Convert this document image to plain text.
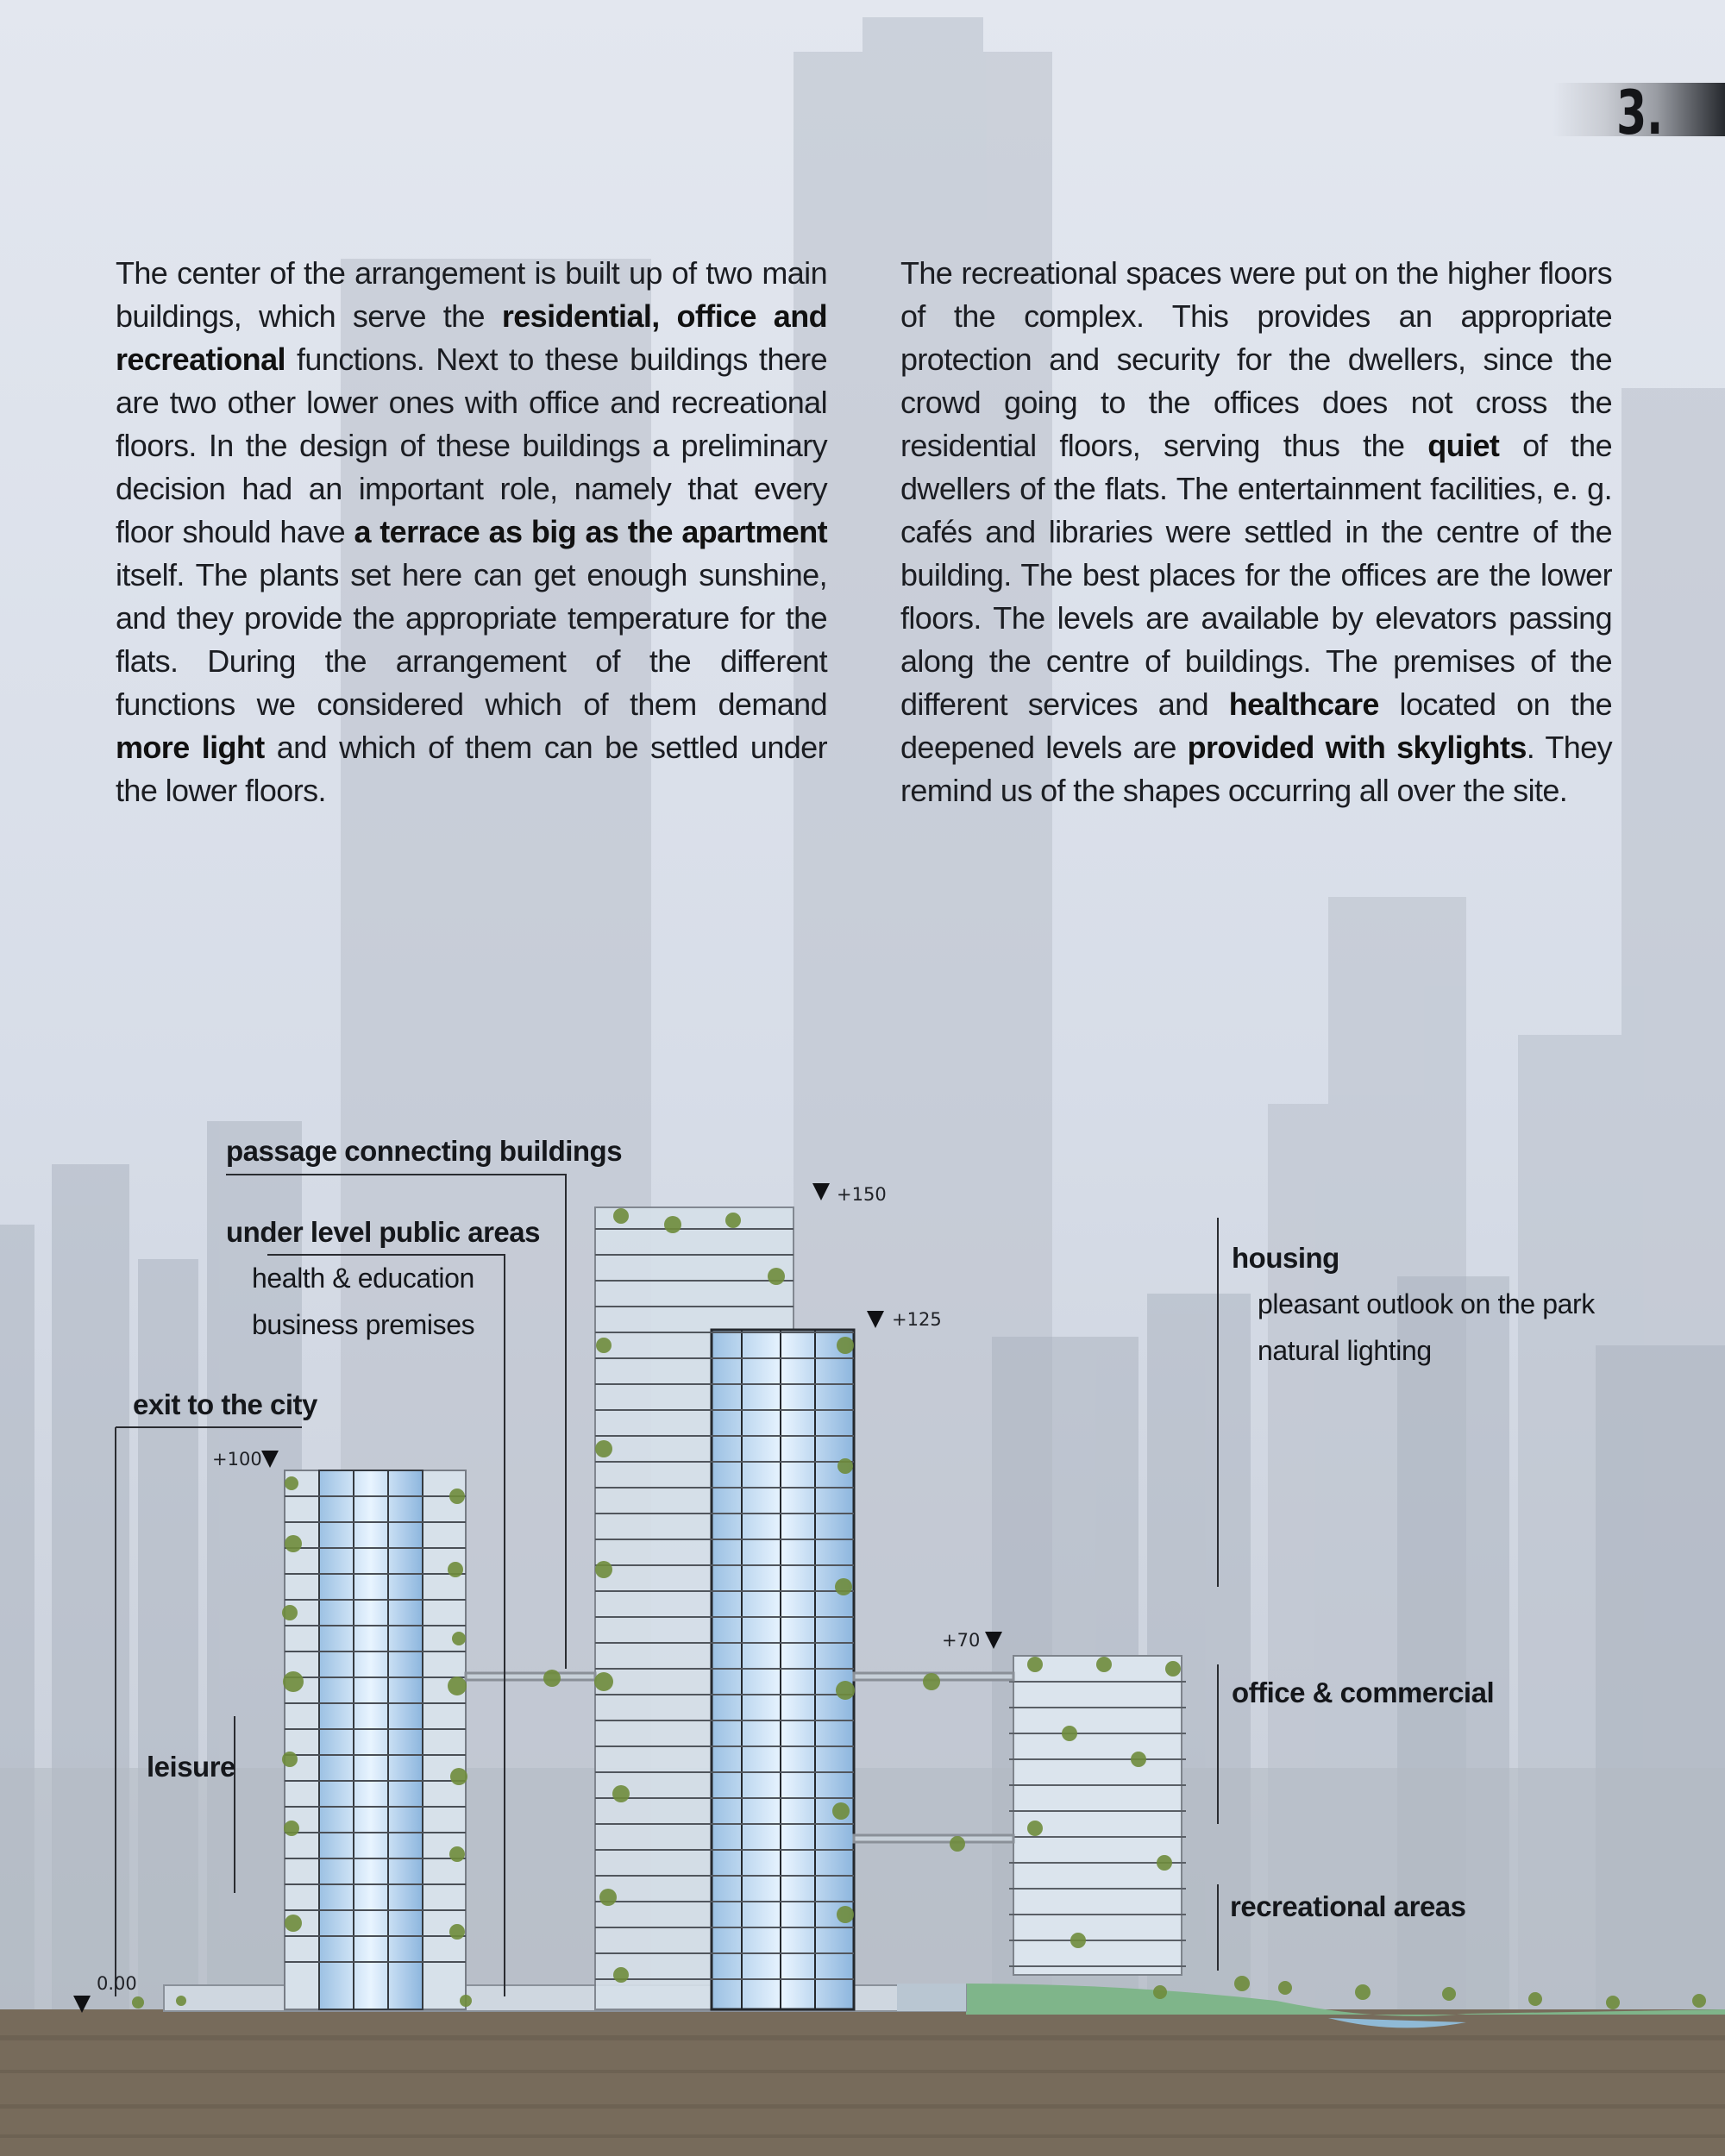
3.
The center of the arrangement is built up of two main buildings, which serve the residential, office and recreational functions. Next to these buildings there are two other lower ones with office and recreational floors. In the design of these buildings a preliminary decision had an important role, namely that every floor should have a terrace as big as the apartment itself. The plants set here can get enough sunshine, and they provide the appropriate temperature for the flats. During the arrangement of the different functions we considered which of them demand more light and which of them can be settled under the lower floors.
The recreational spaces were put on the higher floors of the complex. This provides an appropriate protection and security for the dwellers, since the crowd going to the offices does not cross the residential floors, serving thus the quiet of the dwellers of the flats. The entertainment facilities, e. g. cafés and libraries were settled in the centre of the building. The best places for the offices are the lower floors. The levels are available by elevators passing along the centre of buildings. The premises of the different services and healthcare located on the deepened levels are provided with skylights. They remind us of the shapes occurring all over the site.
passage connecting buildings
under level public areas
health & education
business premises
exit to the city
leisure
housing
pleasant outlook on the park
natural lighting
office & commercial
recreational areas
+150
+125
+100
+70
0.00
